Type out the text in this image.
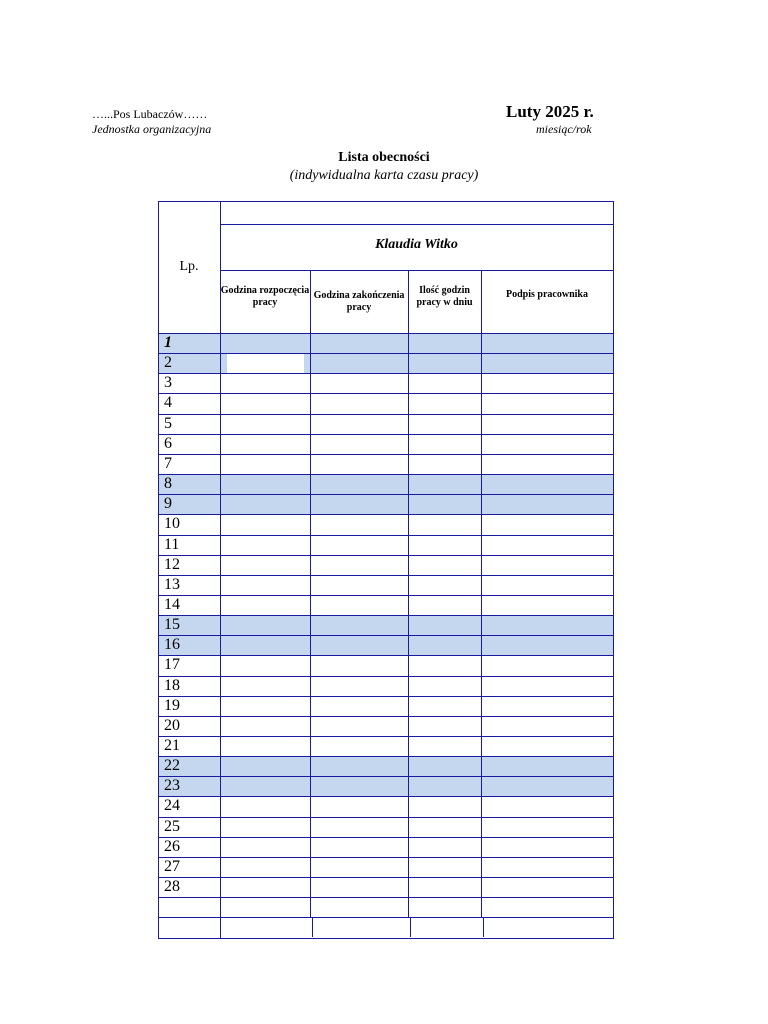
…...Pos Lubaczów……
Jednostka organizacyjna
Luty 2025 r.
miesiąc/rok
Lista obecności
(indywidualna karta czasu pracy)
Lp.
Klaudia Witko
Godzina rozpoczęcia pracy
Godzina zakończenia pracy
Ilość godzin pracy w dniu
Podpis pracownika
1
2
3
4
5
6
7
8
9
10
11
12
13
14
15
16
17
18
19
20
21
22
23
24
25
26
27
28
